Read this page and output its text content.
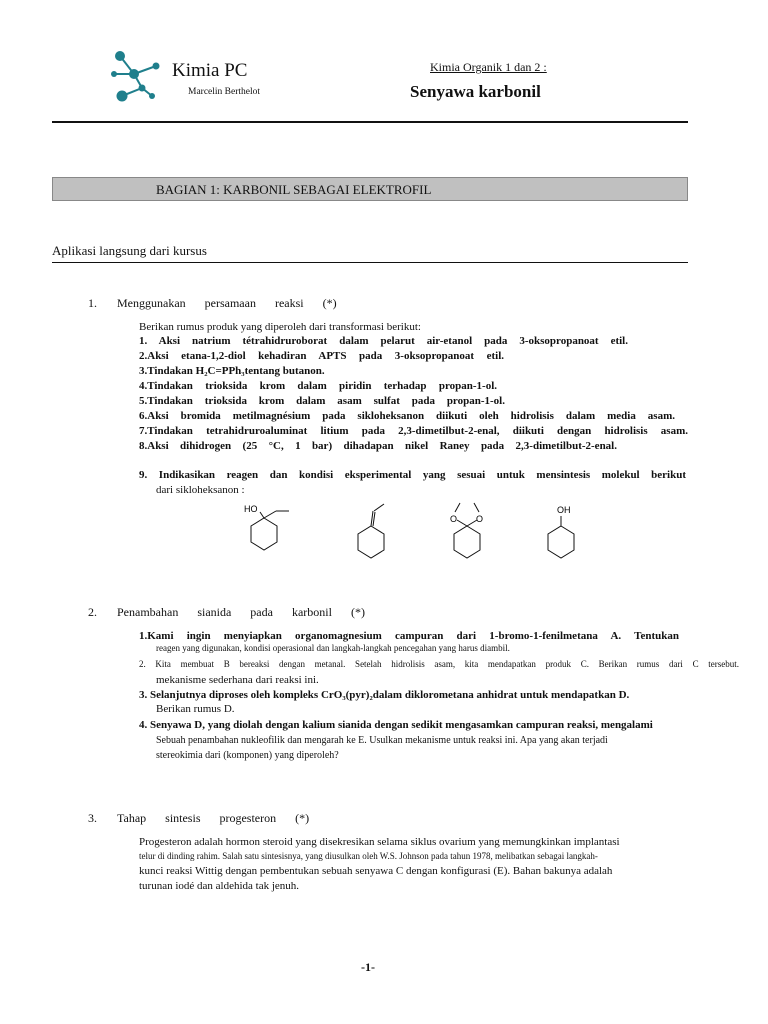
Kimia PC
Marcelin Berthelot
Kimia Organik 1 dan 2 :
Senyawa karbonil
BAGIAN 1: KARBONIL SEBAGAI ELEKTROFIL
Aplikasi langsung dari kursus
1. Menggunakan persamaan reaksi (*)
Berikan rumus produk yang diperoleh dari transformasi berikut:
1. Aksi natrium tétrahidruroborat dalam pelarut air-etanol pada 3-oksopropanoat etil.
2.Aksi etana-1,2-diol kehadiran APTS pada 3-oksopropanoat etil.
3.Tindakan H₂C=PPh₃tentang butanon.
4.Tindakan trioksida krom dalam piridin terhadap propan-1-ol.
5.Tindakan trioksida krom dalam asam sulfat pada propan-1-ol.
6.Aksi bromida metilmagnésium pada sikloheksanon diikuti oleh hidrolisis dalam media asam.
7.Tindakan tetrahidruroaluminat litium pada 2,3-dimetilbut-2-enal, diikuti dengan hidrolisis asam.
8.Aksi dihidrogen (25 °C, 1 bar) dihadapan nikel Raney pada 2,3-dimetilbut-2-enal.
9. Indikasikan reagen dan kondisi eksperimental yang sesuai untuk mensintesis molekul berikut
dari sikloheksanon :
HO
O O
OH
2. Penambahan sianida pada karbonil (*)
1.Kami ingin menyiapkan organomagnesium campuran dari 1-bromo-1-fenilmetana A. Tentukan
reagen yang digunakan, kondisi operasional dan langkah-langkah pencegahan yang harus diambil.
2. Kita membuat B bereaksi dengan metanal. Setelah hidrolisis asam, kita mendapatkan produk C. Berikan rumus dari C tersebut.
mekanisme sederhana dari reaksi ini.
3. Selanjutnya diproses oleh kompleks CrO₃(pyr)₂dalam diklorometana anhidrat untuk mendapatkan D.
Berikan rumus D.
4. Senyawa D, yang diolah dengan kalium sianida dengan sedikit mengasamkan campuran reaksi, mengalami
Sebuah penambahan nukleofilik dan mengarah ke E. Usulkan mekanisme untuk reaksi ini. Apa yang akan terjadi
stereokimia dari (komponen) yang diperoleh?
3. Tahap sintesis progesteron (*)
Progesteron adalah hormon steroid yang disekresikan selama siklus ovarium yang memungkinkan implantasi
telur di dinding rahim. Salah satu sintesisnya, yang diusulkan oleh W.S. Johnson pada tahun 1978, melibatkan sebagai langkah-
kunci reaksi Wittig dengan pembentukan sebuah senyawa C dengan konfigurasi (E). Bahan bakunya adalah
turunan iodé dan aldehida tak jenuh.
-1-
